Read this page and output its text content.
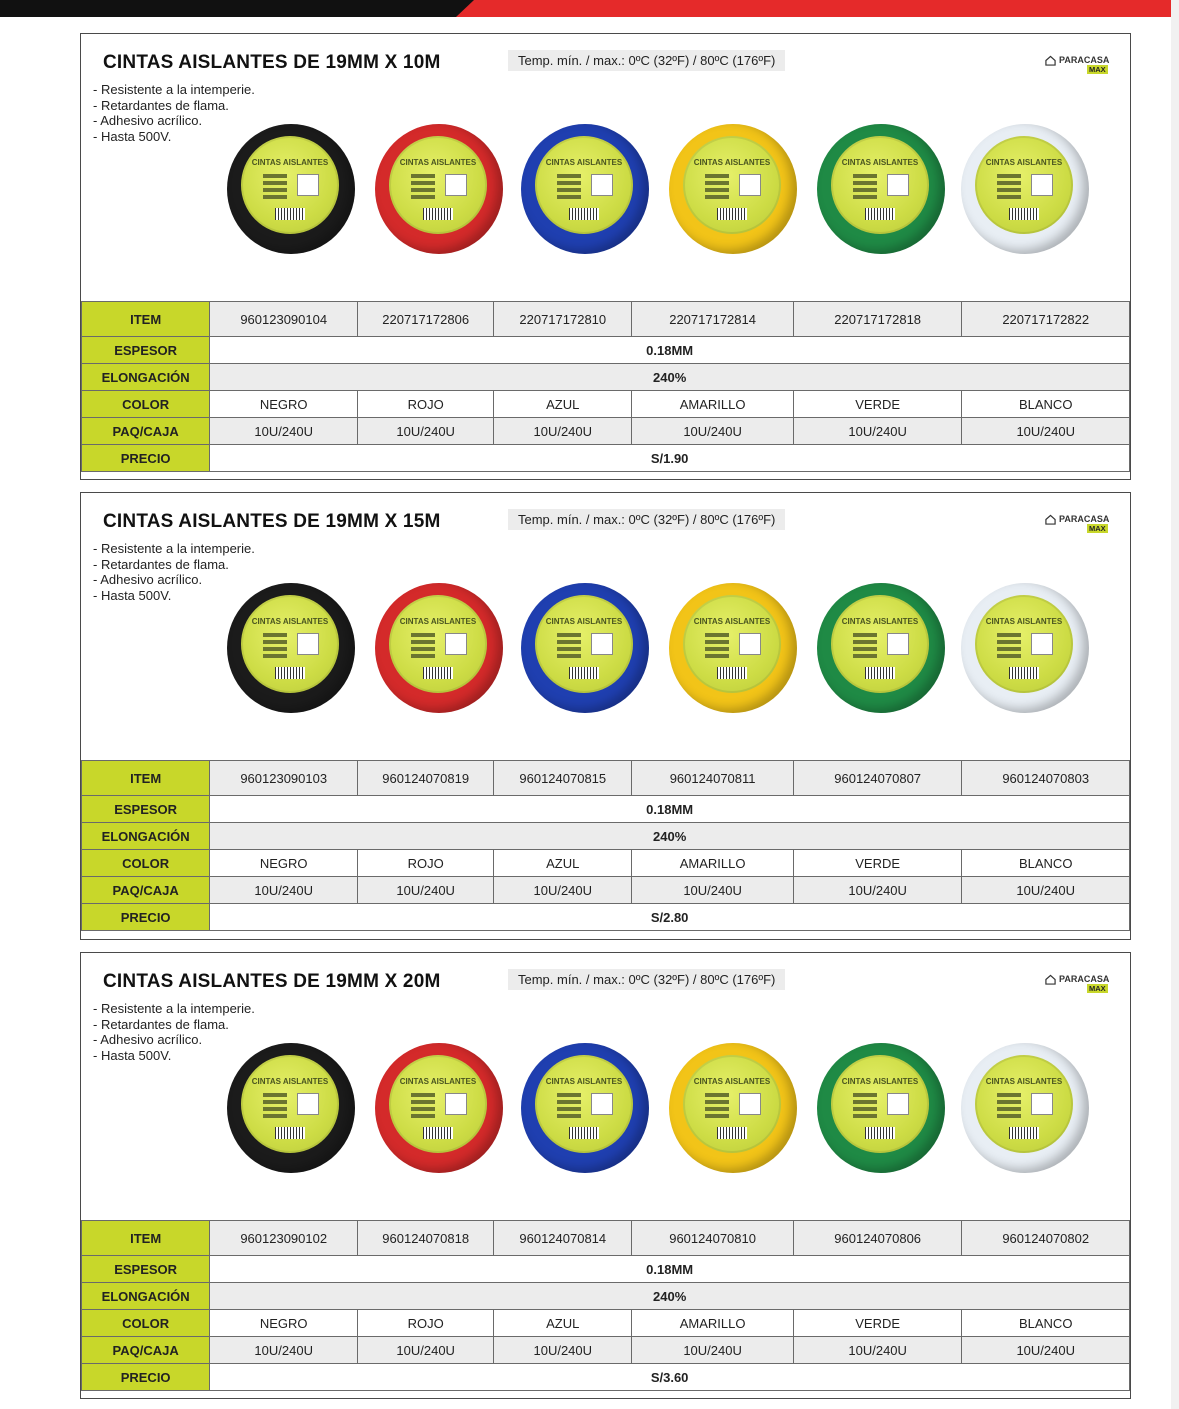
CINTAS AISLANTES DE 19MM X 10M	Temp. mín. / max.: 0ºC (32ºF) / 80ºC (176ºF)	PARACASA
MAX
- Resistente a la intemperie.
- Retardantes de flama.
- Adhesivo acrílico.
- Hasta 500V.
CINTAS AISLANTES	CINTAS AISLANTES	CINTAS AISLANTES	CINTAS AISLANTES	CINTAS AISLANTES	CINTAS AISLANTES
ITEM	960123090104	220717172806	220717172810	220717172814	220717172818	220717172822
ESPESOR	0.18MM					
ELONGACIÓN	240%					
COLOR	NEGRO	ROJO	AZUL	AMARILLO	VERDE	BLANCO
PAQ/CAJA	10U/240U	10U/240U	10U/240U	10U/240U	10U/240U	10U/240U
PRECIO	S/1.90					
CINTAS AISLANTES DE 19MM X 15M	Temp. mín. / max.: 0ºC (32ºF) / 80ºC (176ºF)	PARACASA
MAX
- Resistente a la intemperie.
- Retardantes de flama.
- Adhesivo acrílico.
- Hasta 500V.
CINTAS AISLANTES	CINTAS AISLANTES	CINTAS AISLANTES	CINTAS AISLANTES	CINTAS AISLANTES	CINTAS AISLANTES
ITEM	960123090103	960124070819	960124070815	960124070811	960124070807	960124070803
ESPESOR	0.18MM					
ELONGACIÓN	240%					
COLOR	NEGRO	ROJO	AZUL	AMARILLO	VERDE	BLANCO
PAQ/CAJA	10U/240U	10U/240U	10U/240U	10U/240U	10U/240U	10U/240U
PRECIO	S/2.80					
CINTAS AISLANTES DE 19MM X 20M	Temp. mín. / max.: 0ºC (32ºF) / 80ºC (176ºF)	PARACASA
MAX
- Resistente a la intemperie.
- Retardantes de flama.
- Adhesivo acrílico.
- Hasta 500V.
CINTAS AISLANTES	CINTAS AISLANTES	CINTAS AISLANTES	CINTAS AISLANTES	CINTAS AISLANTES	CINTAS AISLANTES
ITEM	960123090102	960124070818	960124070814	960124070810	960124070806	960124070802
ESPESOR	0.18MM					
ELONGACIÓN	240%					
COLOR	NEGRO	ROJO	AZUL	AMARILLO	VERDE	BLANCO
PAQ/CAJA	10U/240U	10U/240U	10U/240U	10U/240U	10U/240U	10U/240U
PRECIO	S/3.60					
